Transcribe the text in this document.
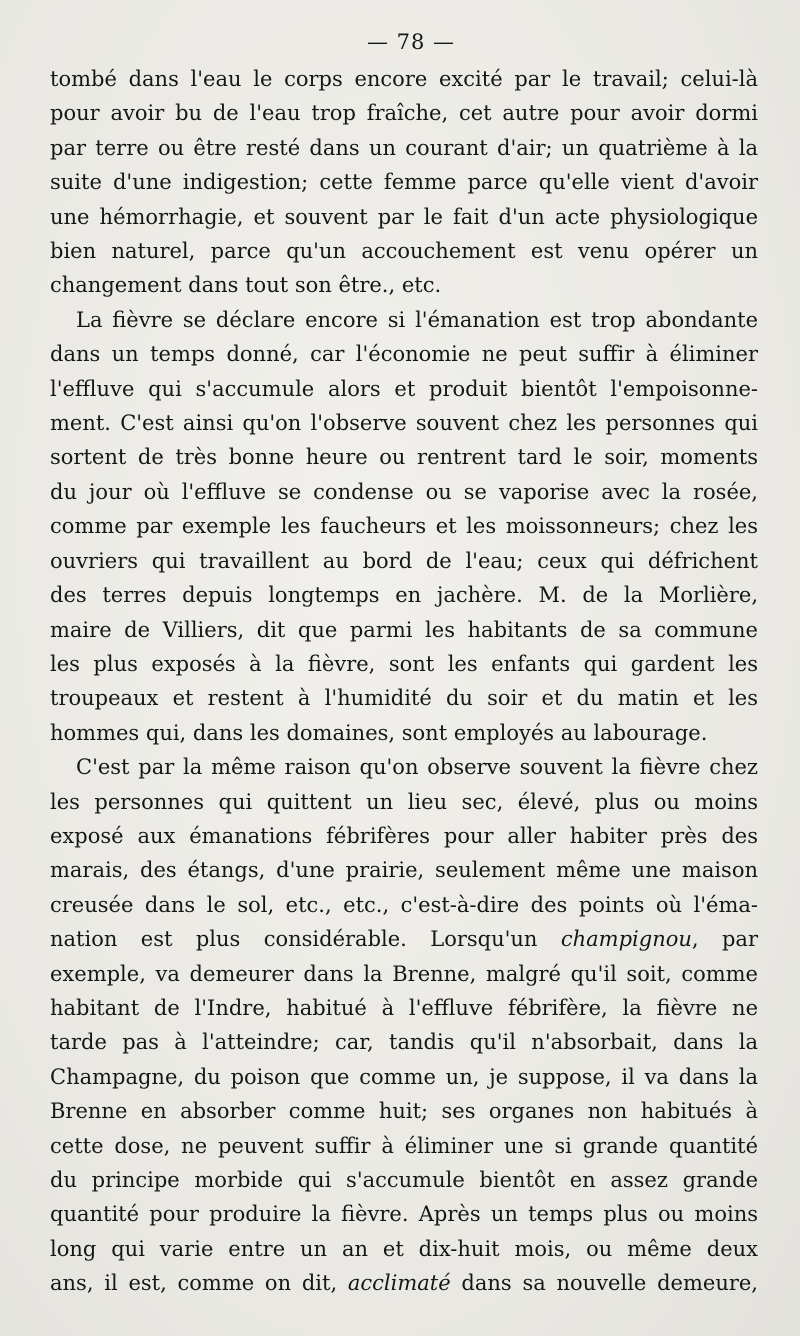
— 78 —
tombé dans l'eau le corps encore excité par le travail; celui-là
pour avoir bu de l'eau trop fraîche, cet autre pour avoir dormi
par terre ou être resté dans un courant d'air; un quatrième à la
suite d'une indigestion; cette femme parce qu'elle vient d'avoir
une hémorrhagie, et souvent par le fait d'un acte physiologique
bien naturel, parce qu'un accouchement est venu opérer un
changement dans tout son être., etc.
La fièvre se déclare encore si l'émanation est trop abondante
dans un temps donné, car l'économie ne peut suffir à éliminer
l'effluve qui s'accumule alors et produit bientôt l'empoisonne-
ment. C'est ainsi qu'on l'observe souvent chez les personnes qui
sortent de très bonne heure ou rentrent tard le soir, moments
du jour où l'effluve se condense ou se vaporise avec la rosée,
comme par exemple les faucheurs et les moissonneurs; chez les
ouvriers qui travaillent au bord de l'eau; ceux qui défrichent
des terres depuis longtemps en jachère. M. de la Morlière,
maire de Villiers, dit que parmi les habitants de sa commune
les plus exposés à la fièvre, sont les enfants qui gardent les
troupeaux et restent à l'humidité du soir et du matin et les
hommes qui, dans les domaines, sont employés au labourage.
C'est par la même raison qu'on observe souvent la fièvre chez
les personnes qui quittent un lieu sec, élevé, plus ou moins
exposé aux émanations fébrifères pour aller habiter près des
marais, des étangs, d'une prairie, seulement même une maison
creusée dans le sol, etc., etc., c'est-à-dire des points où l'éma-
nation est plus considérable. Lorsqu'un champignou, par
exemple, va demeurer dans la Brenne, malgré qu'il soit, comme
habitant de l'Indre, habitué à l'effluve fébrifère, la fièvre ne
tarde pas à l'atteindre; car, tandis qu'il n'absorbait, dans la
Champagne, du poison que comme un, je suppose, il va dans la
Brenne en absorber comme huit; ses organes non habitués à
cette dose, ne peuvent suffir à éliminer une si grande quantité
du principe morbide qui s'accumule bientôt en assez grande
quantité pour produire la fièvre. Après un temps plus ou moins
long qui varie entre un an et dix-huit mois, ou même deux
ans, il est, comme on dit, acclimaté dans sa nouvelle demeure,
